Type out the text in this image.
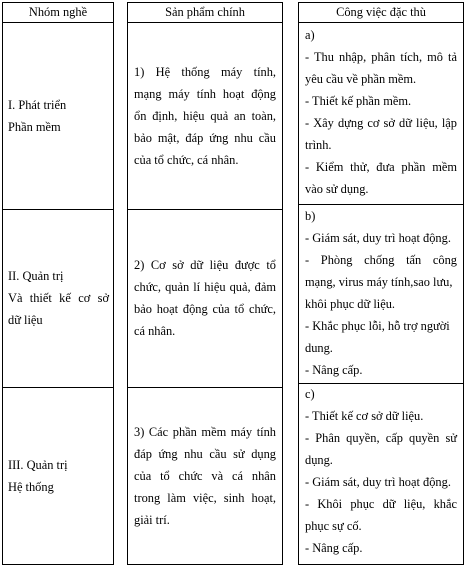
Nhóm nghề
I. Phát triển
Phần mềm
II. Quản trị
Và thiết kế cơ sở
dữ liệu
III. Quản trị
Hệ thống
Sản phẩm chính
1) Hệ thống máy tính,
mạng máy tính hoạt động
ổn định, hiệu quả an toàn,
bảo mật, đáp ứng nhu cầu
của tổ chức, cá nhân.
2) Cơ sở dữ liệu được tổ
chức, quản lí hiệu quả, đảm
bảo hoạt động của tổ chức,
cá nhân.
3) Các phần mềm máy tính
đáp ứng nhu cầu sử dụng
của tổ chức và cá nhân
trong làm việc, sinh hoạt,
giải trí.
Công việc đặc thù
a)
- Thu nhập, phân tích, mô tả
yêu cầu về phần mềm.
- Thiết kế phần mềm.
- Xây dựng cơ sở dữ liệu, lập
trình.
- Kiểm thử, đưa phần mềm
vào sử dụng.
b)
- Giám sát, duy trì hoạt động.
- Phòng chống tấn công
mạng, virus máy tính,sao lưu,
khôi phục dữ liệu.
- Khắc phục lỗi, hỗ trợ người
dung.
- Nâng cấp.
c)
- Thiết kế cơ sở dữ liệu.
- Phân quyền, cấp quyền sử
dụng.
- Giám sát, duy trì hoạt động.
- Khôi phục dữ liệu, khắc
phục sự cố.
- Nâng cấp.
